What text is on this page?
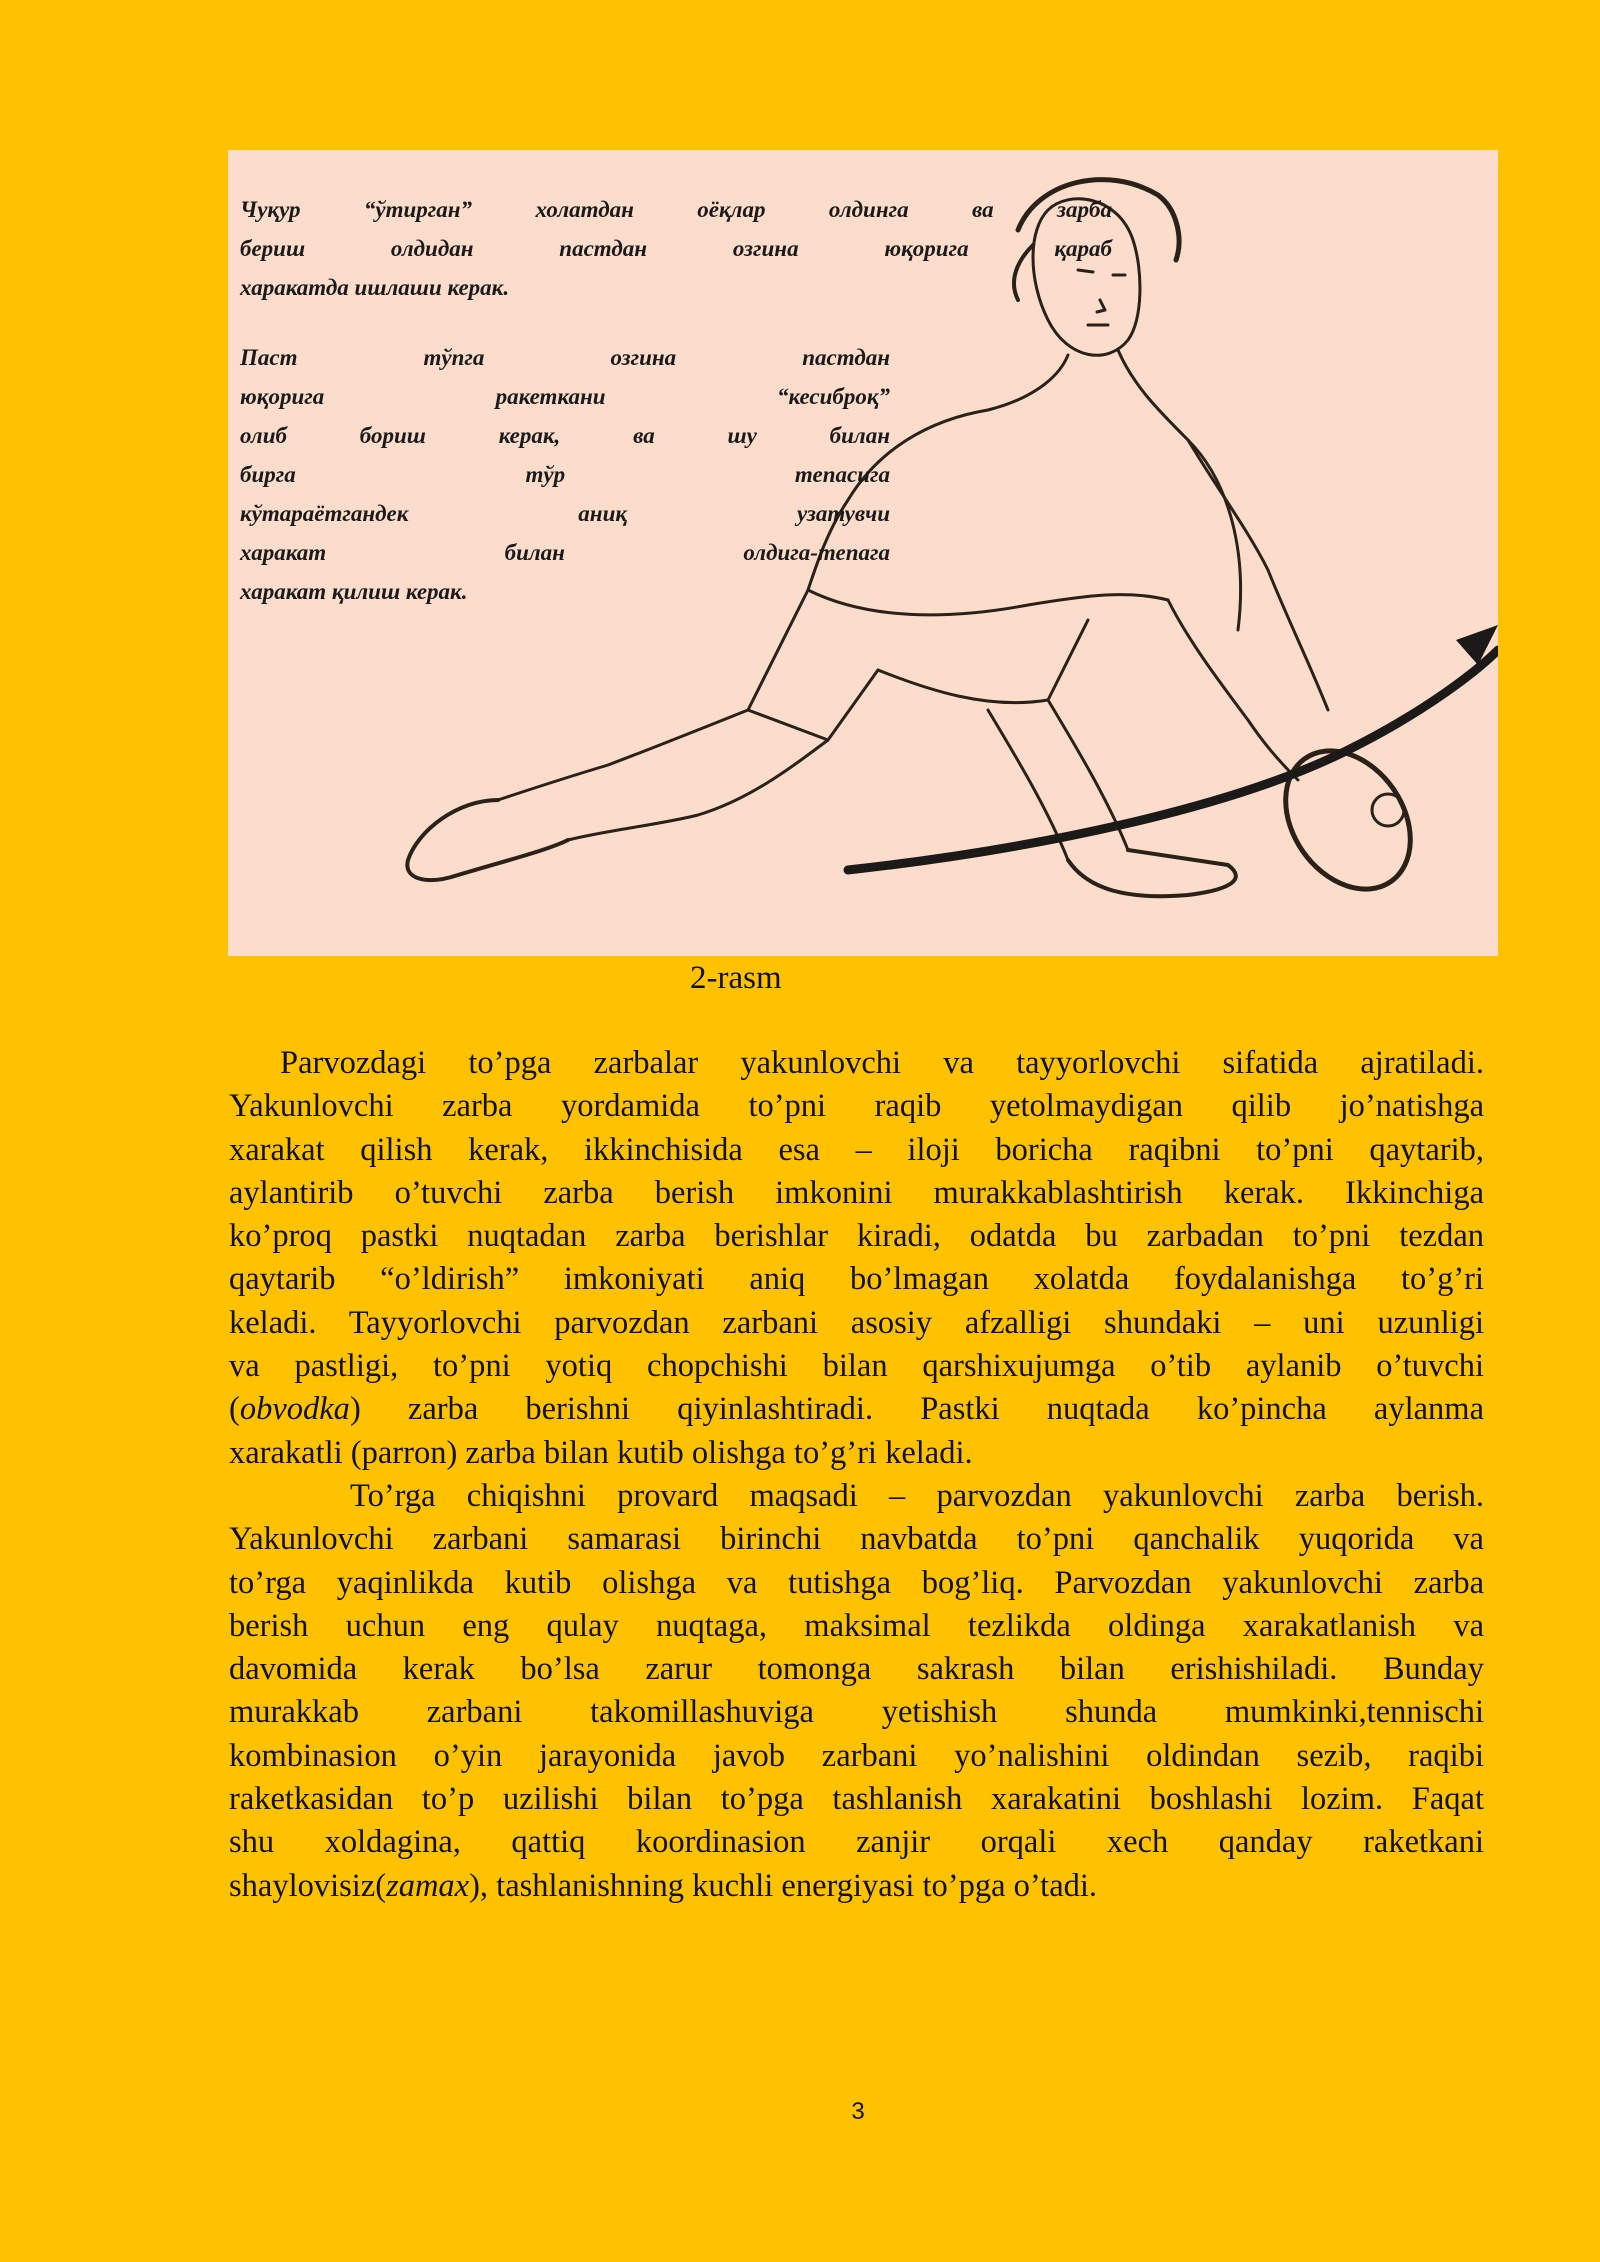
Чуқур “ўтирган” холатдан оёқлар олдинга ва зарба
бериш олдидан пастдан озгина юқорига қараб
харакатда ишлаши керак.
Паст тўпга озгина пастдан
юқорига ракеткани “кесиброқ”
олиб бориш керак, ва шу билан
бирга тўр тепасига
кўтараётгандек аниқ узатувчи
харакат билан олдига-тепага
харакат қилиш керак.
2-rasm
Parvozdagi to’pga zarbalar yakunlovchi va tayyorlovchi sifatida ajratiladi.
Yakunlovchi zarba yordamida to’pni raqib yetolmaydigan qilib jo’natishga
xarakat qilish kerak, ikkinchisida esa – iloji boricha raqibni to’pni qaytarib,
aylantirib o’tuvchi zarba berish imkonini murakkablashtirish kerak. Ikkinchiga
ko’proq pastki nuqtadan zarba berishlar kiradi, odatda bu zarbadan to’pni tezdan
qaytarib “o’ldirish” imkoniyati aniq bo’lmagan xolatda foydalanishga to’g’ri
keladi. Tayyorlovchi parvozdan zarbani asosiy afzalligi shundaki – uni uzunligi
va pastligi, to’pni yotiq chopchishi bilan qarshixujumga o’tib aylanib o’tuvchi
(obvodka) zarba berishni qiyinlashtiradi. Pastki nuqtada ko’pincha aylanma
xarakatli (parron) zarba bilan kutib olishga to’g’ri keladi.
To’rga chiqishni provard maqsadi – parvozdan yakunlovchi zarba berish.
Yakunlovchi zarbani samarasi birinchi navbatda to’pni qanchalik yuqorida va
to’rga yaqinlikda kutib olishga va tutishga bog’liq. Parvozdan yakunlovchi zarba
berish uchun eng qulay nuqtaga, maksimal tezlikda oldinga xarakatlanish va
davomida kerak bo’lsa zarur tomonga sakrash bilan erishishiladi. Bunday
murakkab zarbani takomillashuviga yetishish shunda mumkinki,tennischi
kombinasion o’yin jarayonida javob zarbani yo’nalishini oldindan sezib, raqibi
raketkasidan to’p uzilishi bilan to’pga tashlanish xarakatini boshlashi lozim. Faqat
shu xoldagina, qattiq koordinasion zanjir orqali xech qanday raketkani
shaylovisiz(zamax), tashlanishning kuchli energiyasi to’pga o’tadi.
3
